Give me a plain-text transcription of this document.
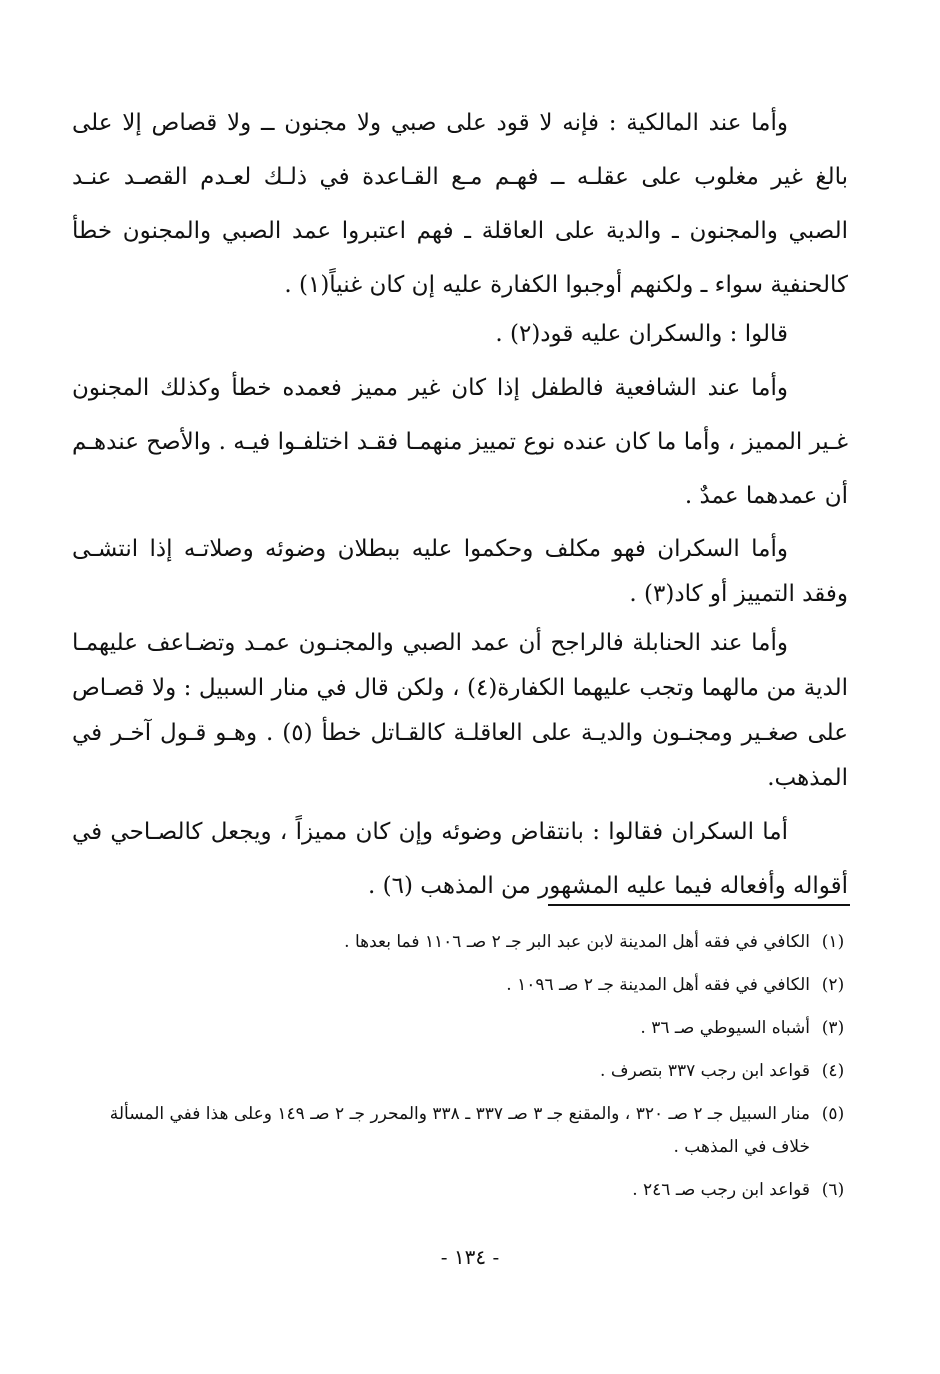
وأما عند المالكية : فإنه لا قود على صبي ولا مجنون ــ ولا قصاص إلا على بالغ غير مغلوب على عقلـه ــ فهـم مـع القـاعدة في ذلـك لعـدم القصـد عنـد الصبي والمجنون ـ والدية على العاقلة ـ فهم اعتبروا عمد الصبي والمجنون خطأ كالحنفية سواء ـ ولكنهم أوجبوا الكفارة عليه إن كان غنياً(١) .

قالوا : والسكران عليه قود(٢) .

وأما عند الشافعية فالطفل إذا كان غير مميز فعمده خطأ وكذلك المجنون غـير المميز ، وأما ما كان عنده نوع تمييز منهمـا فقـد اختلفـوا فيـه . والأصح عندهـم أن عمدهما عمدٌ .

وأما السكران فهو مكلف وحكموا عليه ببطلان وضوئه وصلاتـه إذا انتشـى وفقد التمييز أو كاد(٣) .

وأما عند الحنابلة فالراجح أن عمد الصبي والمجنـون عمـد وتضـاعف عليهمـا الدية من مالهما وتجب عليهما الكفارة(٤) ، ولكن قال في منار السبيل : ولا قصـاص على صغـير ومجنـون والديـة على العاقلـة كالقـاتل خطأ (٥) . وهـو قـول آخـر في المذهب.

أما السكران فقالوا : بانتقاض وضوئه وإن كان مميزاً ، ويجعل كالصـاحي في أقواله وأفعاله فيما عليه المشهور من المذهب (٦) .

(١)
الكافي في فقه أهل المدينة لابن عبد البر جـ ٢ صـ ١١٠٦ فما بعدها .
(٢)
الكافي في فقه أهل المدينة جـ ٢ صـ ١٠٩٦ .
(٣)
أشباه السيوطي صـ ٣٦ .
(٤)
قواعد ابن رجب ٣٣٧ بتصرف .
(٥)
منار السبيل جـ ٢ صـ ٣٢٠ ، والمقنع جـ ٣ صـ ٣٣٧ ـ ٣٣٨ والمحرر جـ ٢ صـ ١٤٩ وعلى هذا ففي المسألة خلاف في المذهب .
(٦)
قواعد ابن رجب صـ ٢٤٦ .
- ١٣٤ -
